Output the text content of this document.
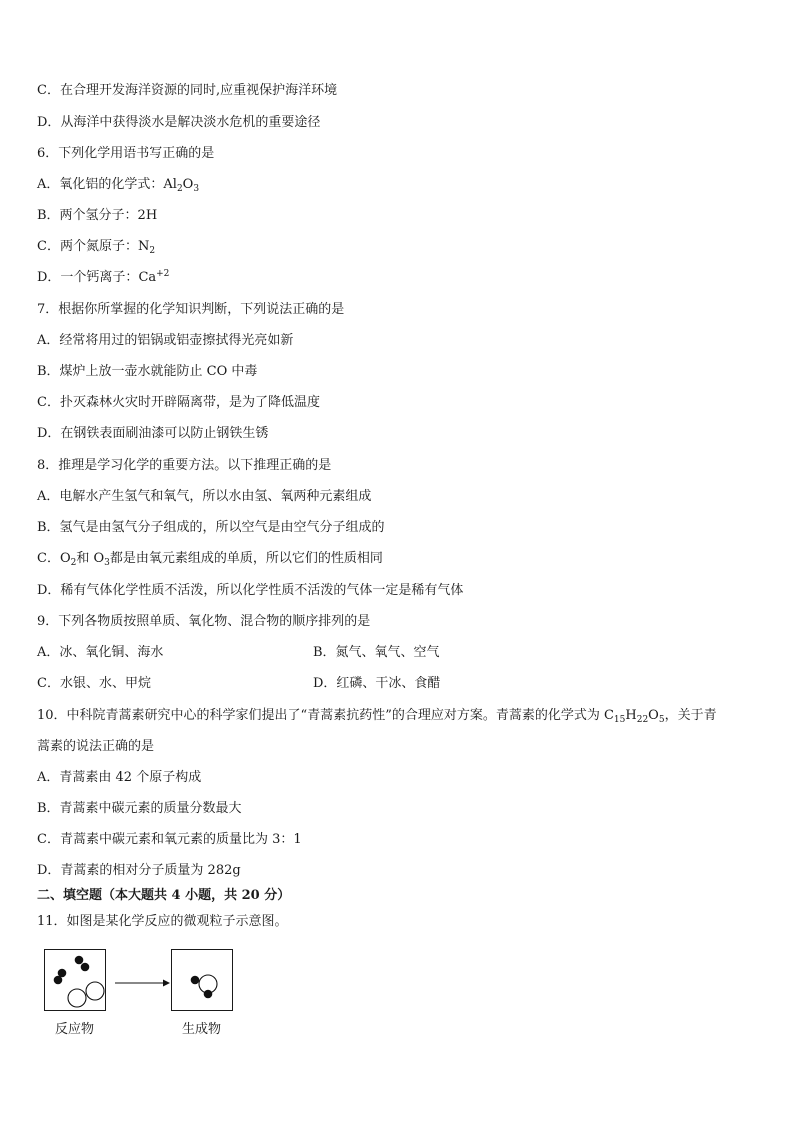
C．在合理开发海洋资源的同时,应重视保护海洋环境
D．从海洋中获得淡水是解决淡水危机的重要途径
6．下列化学用语书写正确的是
A．氧化铝的化学式：$Al_2O_3$
B．两个氢分子：2H
C．两个氮原子：$N_2$
D．一个钙离子：$Ca^{+2}$
7．根据你所掌握的化学知识判断，下列说法正确的是
A．经常将用过的铝锅或铝壶擦拭得光亮如新
B．煤炉上放一壶水就能防止 CO 中毒
C．扑灭森林火灾时开辟隔离带，是为了降低温度
D．在钢铁表面刷油漆可以防止钢铁生锈
8．推理是学习化学的重要方法。以下推理正确的是
A．电解水产生氢气和氧气，所以水由氢、氧两种元素组成
B．氢气是由氢气分子组成的，所以空气是由空气分子组成的
C．$O_2$和 $O_3$都是由氧元素组成的单质，所以它们的性质相同
D．稀有气体化学性质不活泼，所以化学性质不活泼的气体一定是稀有气体
9．下列各物质按照单质、氧化物、混合物的顺序排列的是
A．冰、氧化铜、海水	B．氮气、氧气、空气
C．水银、水、甲烷	D．红磷、干冰、食醋
10．中科院青蒿素研究中心的科学家们提出了“青蒿素抗药性”的合理应对方案。青蒿素的化学式为 $C_{15}H_{22}O_5$，关于青
蒿素的说法正确的是
A．青蒿素由 42 个原子构成
B．青蒿素中碳元素的质量分数最大
C．青蒿素中碳元素和氧元素的质量比为 3：1
D．青蒿素的相对分子质量为 282g
二、填空题（本大题共 4 小题，共 20 分）
11．如图是某化学反应的微观粒子示意图。
反应物	生成物
